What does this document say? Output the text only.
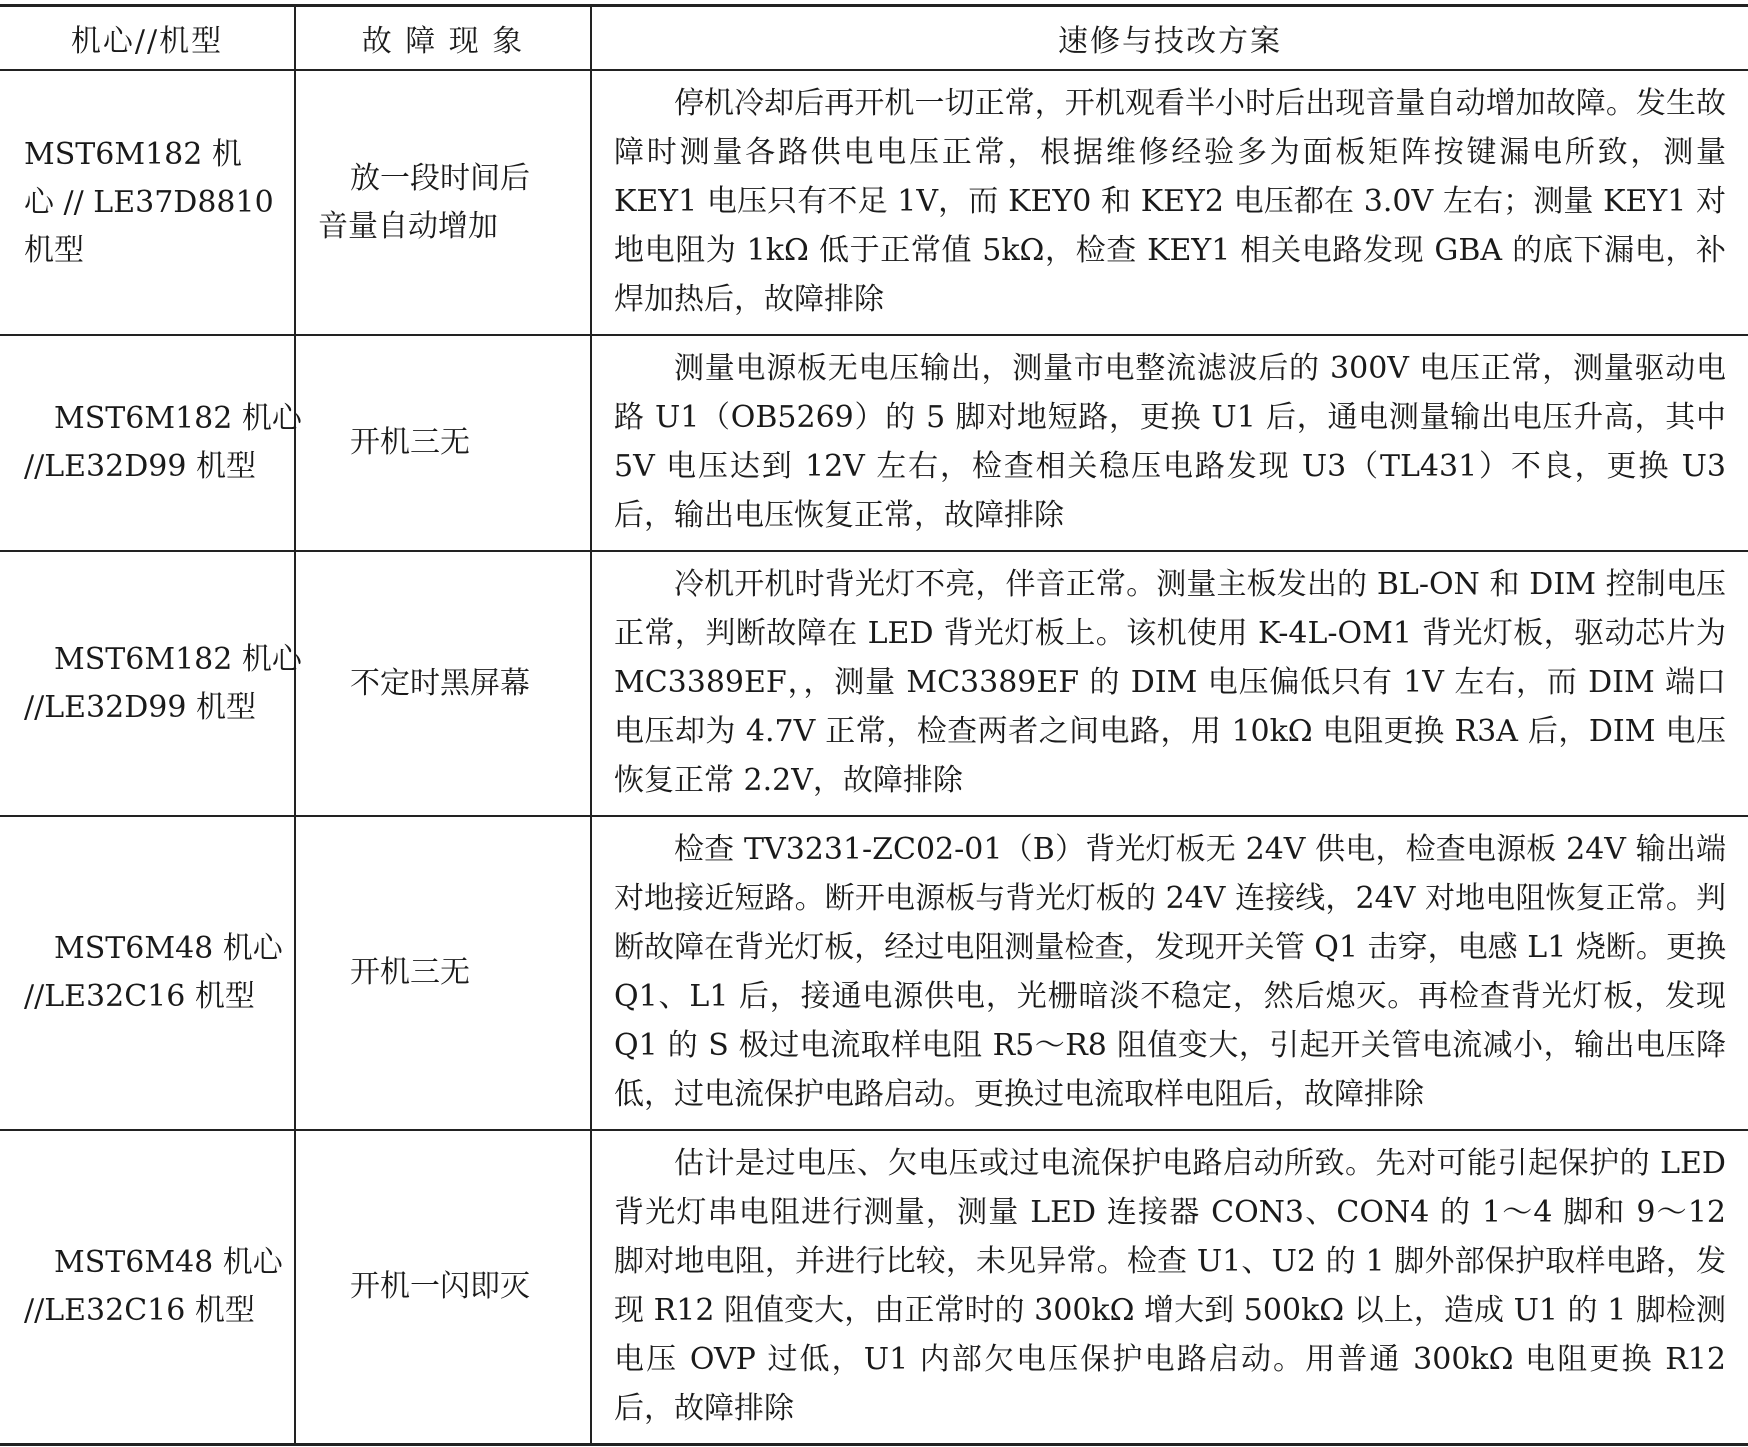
机心//机型	故 障 现 象	速修与技改方案

MST6M182 机
心 // LE37D8810
机型	放一段时间后
音量自动增加	停机冷却后再开机一切正常，开机观看半小时后出现音量自动增加故障。发生故障时测量各路供电电压正常，根据维修经验多为面板矩阵按键漏电所致，测量 KEY1 电压只有不足 1V，而 KEY0 和 KEY2 电压都在 3.0V 左右；测量 KEY1 对地电阻为 1kΩ 低于正常值 5kΩ，检查 KEY1 相关电路发现 GBA 的底下漏电，补焊加热后，故障排除

MST6M182 机心
//LE32D99 机型	开机三无	测量电源板无电压输出，测量市电整流滤波后的 300V 电压正常，测量驱动电路 U1（OB5269）的 5 脚对地短路，更换 U1 后，通电测量输出电压升高，其中 5V 电压达到 12V 左右，检查相关稳压电路发现 U3（TL431）不良，更换 U3 后，输出电压恢复正常，故障排除

MST6M182 机心
//LE32D99 机型	不定时黑屏幕	冷机开机时背光灯不亮，伴音正常。测量主板发出的 BL-ON 和 DIM 控制电压正常，判断故障在 LED 背光灯板上。该机使用 K-4L-OM1 背光灯板，驱动芯片为 MC3389EF，，测量 MC3389EF 的 DIM 电压偏低只有 1V 左右，而 DIM 端口电压却为 4.7V 正常，检查两者之间电路，用 10kΩ 电阻更换 R3A 后，DIM 电压恢复正常 2.2V，故障排除

MST6M48 机心
//LE32C16 机型	开机三无	检查 TV3231-ZC02-01（B）背光灯板无 24V 供电，检查电源板 24V 输出端对地接近短路。断开电源板与背光灯板的 24V 连接线，24V 对地电阻恢复正常。判断故障在背光灯板，经过电阻测量检查，发现开关管 Q1 击穿，电感 L1 烧断。更换 Q1、L1 后，接通电源供电，光栅暗淡不稳定，然后熄灭。再检查背光灯板，发现 Q1 的 S 极过电流取样电阻 R5～R8 阻值变大，引起开关管电流减小，输出电压降低，过电流保护电路启动。更换过电流取样电阻后，故障排除

MST6M48 机心
//LE32C16 机型	开机一闪即灭	估计是过电压、欠电压或过电流保护电路启动所致。先对可能引起保护的 LED 背光灯串电阻进行测量，测量 LED 连接器 CON3、CON4 的 1～4 脚和 9～12 脚对地电阻，并进行比较，未见异常。检查 U1、U2 的 1 脚外部保护取样电路，发现 R12 阻值变大，由正常时的 300kΩ 增大到 500kΩ 以上，造成 U1 的 1 脚检测电压 OVP 过低，U1 内部欠电压保护电路启动。用普通 300kΩ 电阻更换 R12 后，故障排除
